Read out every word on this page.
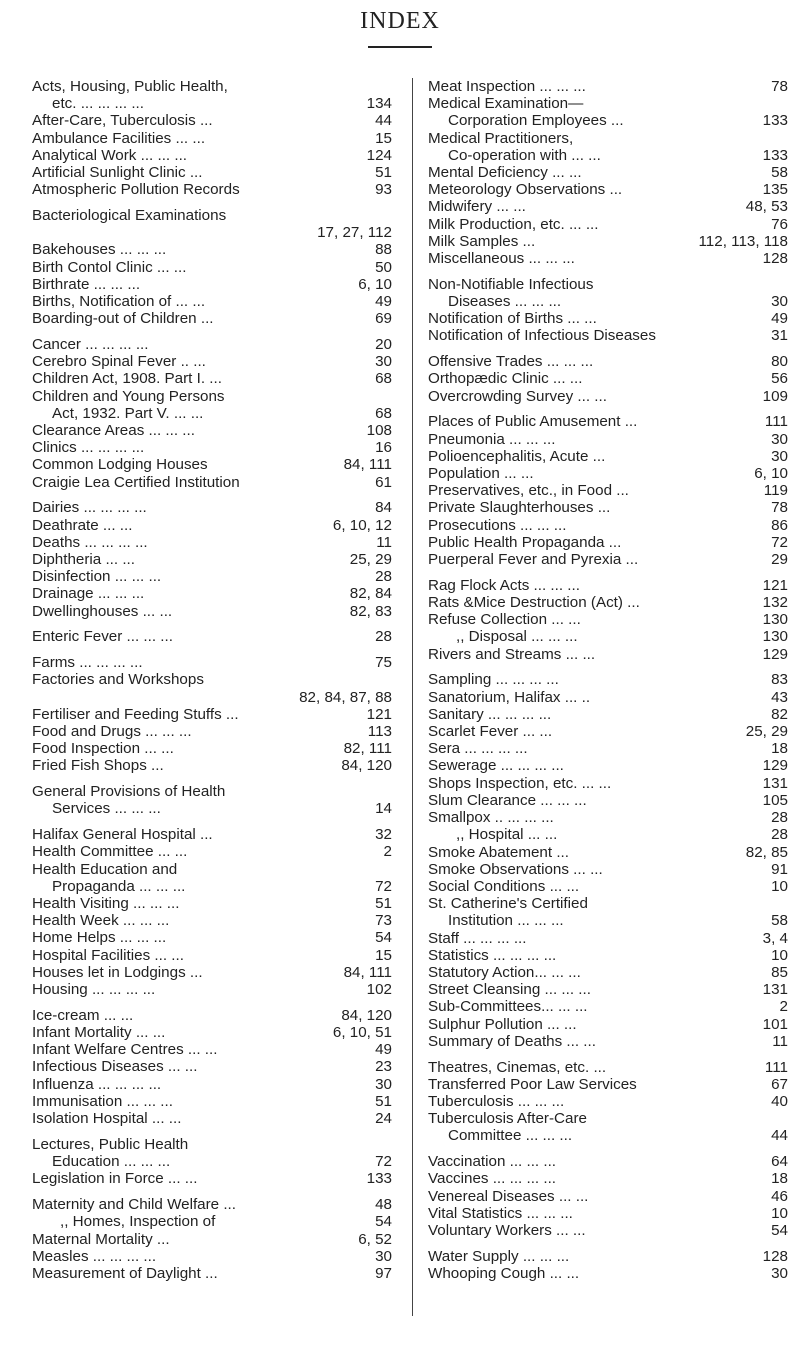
INDEX
Acts, Housing, Public Health,
etc. ... ... ... ...	134
After-Care, Tuberculosis ...	44
Ambulance Facilities ... ...	15
Analytical Work ... ... ...	124
Artificial Sunlight Clinic ...	51
Atmospheric Pollution Records	93
Bacteriological Examinations
17, 27, 112
Bakehouses ... ... ...	88
Birth Contol Clinic ... ...	50
Birthrate ... ... ...	6, 10
Births, Notification of ... ...	49
Boarding-out of Children ...	69
Cancer ... ... ... ...	20
Cerebro Spinal Fever .. ...	30
Children Act, 1908. Part I. ...	68
Children and Young Persons
Act, 1932. Part V. ... ...	68
Clearance Areas ... ... ...	108
Clinics ... ... ... ...	16
Common Lodging Houses	84, 111
Craigie Lea Certified Institution	61
Dairies ... ... ... ...	84
Deathrate ... ...	6, 10, 12
Deaths ... ... ... ...	11
Diphtheria ... ...	25, 29
Disinfection ... ... ...	28
Drainage ... ... ...	82, 84
Dwellinghouses ... ...	82, 83
Enteric Fever ... ... ...	28
Farms ... ... ... ...	75
Factories and Workshops
82, 84, 87, 88
Fertiliser and Feeding Stuffs ...	121
Food and Drugs ... ... ...	113
Food Inspection ... ...	82, 111
Fried Fish Shops ...	84, 120
General Provisions of Health
Services ... ... ...	14
Halifax General Hospital ...	32
Health Committee ... ...	2
Health Education and
Propaganda ... ... ...	72
Health Visiting ... ... ...	51
Health Week ... ... ...	73
Home Helps ... ... ...	54
Hospital Facilities ... ...	15
Houses let in Lodgings ...	84, 111
Housing ... ... ... ...	102
Ice-cream ... ...	84, 120
Infant Mortality ... ...	6, 10, 51
Infant Welfare Centres ... ...	49
Infectious Diseases ... ...	23
Influenza ... ... ... ...	30
Immunisation ... ... ...	51
Isolation Hospital ... ...	24
Lectures, Public Health
Education ... ... ...	72
Legislation in Force ... ...	133
Maternity and Child Welfare ...	48
,, Homes, Inspection of	54
Maternal Mortality ...	6, 52
Measles ... ... ... ...	30
Measurement of Daylight ...	97
Meat Inspection ... ... ...	78
Medical Examination—
Corporation Employees ...	133
Medical Practitioners,
Co-operation with ... ...	133
Mental Deficiency ... ...	58
Meteorology Observations ...	135
Midwifery ... ...	48, 53
Milk Production, etc. ... ...	76
Milk Samples ...	112, 113, 118
Miscellaneous ... ... ...	128
Non-Notifiable Infectious
Diseases ... ... ...	30
Notification of Births ... ...	49
Notification of Infectious Diseases	31
Offensive Trades ... ... ...	80
Orthopædic Clinic ... ...	56
Overcrowding Survey ... ...	109
Places of Public Amusement ...	111
Pneumonia ... ... ...	30
Polioencephalitis, Acute ...	30
Population ... ...	6, 10
Preservatives, etc., in Food ...	119
Private Slaughterhouses ...	78
Prosecutions ... ... ...	86
Public Health Propaganda ...	72
Puerperal Fever and Pyrexia ...	29
Rag Flock Acts ... ... ...	121
Rats &Mice Destruction (Act) ...	132
Refuse Collection ... ...	130
,, Disposal ... ... ...	130
Rivers and Streams ... ...	129
Sampling ... ... ... ...	83
Sanatorium, Halifax ... ..	43
Sanitary ... ... ... ...	82
Scarlet Fever ... ...	25, 29
Sera ... ... ... ...	18
Sewerage ... ... ... ...	129
Shops Inspection, etc. ... ...	131
Slum Clearance ... ... ...	105
Smallpox .. ... ... ...	28
,, Hospital ... ...	28
Smoke Abatement ...	82, 85
Smoke Observations ... ...	91
Social Conditions ... ...	10
St. Catherine's Certified
Institution ... ... ...	58
Staff ... ... ... ...	3, 4
Statistics ... ... ... ...	10
Statutory Action... ... ...	85
Street Cleansing ... ... ...	131
Sub-Committees... ... ...	2
Sulphur Pollution ... ...	101
Summary of Deaths ... ...	11
Theatres, Cinemas, etc. ...	111
Transferred Poor Law Services	67
Tuberculosis ... ... ...	40
Tuberculosis After-Care
Committee ... ... ...	44
Vaccination ... ... ...	64
Vaccines ... ... ... ...	18
Venereal Diseases ... ...	46
Vital Statistics ... ... ...	10
Voluntary Workers ... ...	54
Water Supply ... ... ...	128
Whooping Cough ... ...	30
